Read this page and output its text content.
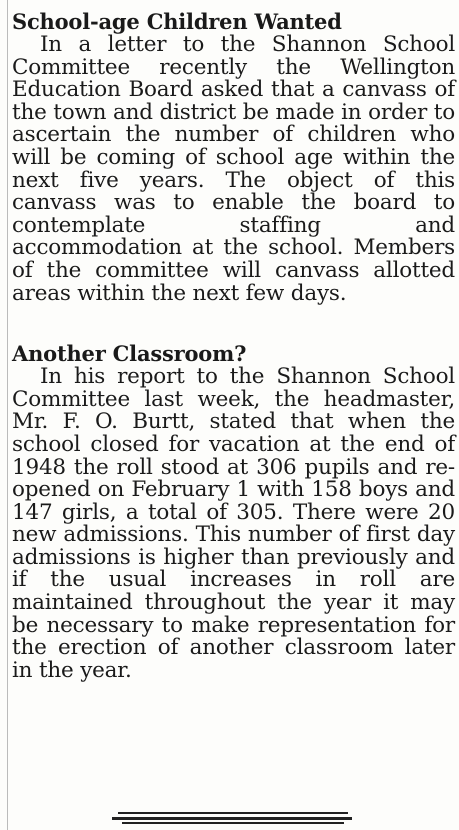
School-age Children Wanted

In a letter to the Shannon School Committee recently the Wellington Education Board asked that a canvass of the town and district be made in order to ascertain the number of children who will be coming of school age within the next five years. The object of this canvass was to enable the board to contemplate staffing and accommodation at the school. Members of the committee will canvass allotted areas within the next few days.

Another Classroom?

In his report to the Shannon School Committee last week, the headmaster, Mr. F. O. Burtt, stated that when the school closed for vacation at the end of 1948 the roll stood at 306 pupils and re-opened on February 1 with 158 boys and 147 girls, a total of 305. There were 20 new admissions. This number of first day admissions is higher than previously and if the usual increases in roll are maintained throughout the year it may be necessary to make representation for the erection of another classroom later in the year.
